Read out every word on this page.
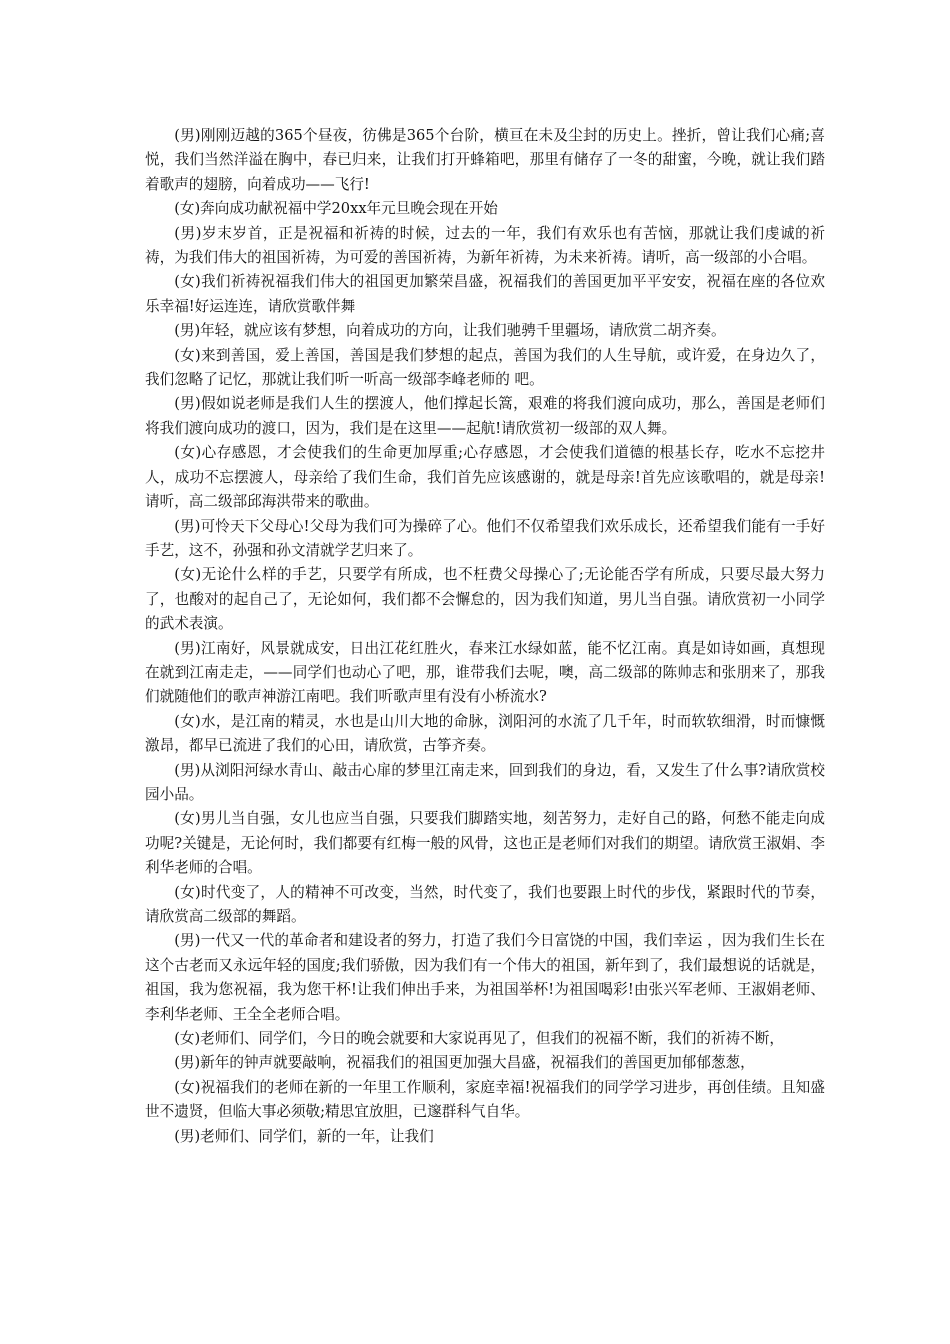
(男)刚刚迈越的365个昼夜，彷佛是365个台阶，横亘在未及尘封的历史上。挫折，曾让我们心痛;喜悦，我们当然洋溢在胸中，春已归来，让我们打开蜂箱吧，那里有储存了一冬的甜蜜，今晚，就让我们踏着歌声的翅膀，向着成功——飞行!

(女)奔向成功献祝福中学20xx年元旦晚会现在开始

(男)岁末岁首，正是祝福和祈祷的时候，过去的一年，我们有欢乐也有苦恼，那就让我们虔诚的祈祷，为我们伟大的祖国祈祷，为可爱的善国祈祷，为新年祈祷，为未来祈祷。请听，高一级部的小合唱。

(女)我们祈祷祝福我们伟大的祖国更加繁荣昌盛，祝福我们的善国更加平平安安，祝福在座的各位欢乐幸福!好运连连，请欣赏歌伴舞

(男)年轻，就应该有梦想，向着成功的方向，让我们驰骋千里疆场，请欣赏二胡齐奏。

(女)来到善国，爱上善国，善国是我们梦想的起点，善国为我们的人生导航，或许爱，在身边久了，我们忽略了记忆，那就让我们听一听高一级部李峰老师的 吧。

(男)假如说老师是我们人生的摆渡人，他们撑起长篙，艰难的将我们渡向成功，那么，善国是老师们将我们渡向成功的渡口，因为，我们是在这里——起航!请欣赏初一级部的双人舞。

(女)心存感恩，才会使我们的生命更加厚重;心存感恩，才会使我们道德的根基长存，吃水不忘挖井人，成功不忘摆渡人，母亲给了我们生命，我们首先应该感谢的，就是母亲!首先应该歌唱的，就是母亲!请听，高二级部邱海洪带来的歌曲。

(男)可怜天下父母心!父母为我们可为操碎了心。他们不仅希望我们欢乐成长，还希望我们能有一手好手艺，这不，孙强和孙文清就学艺归来了。

(女)无论什么样的手艺，只要学有所成，也不枉费父母操心了;无论能否学有所成，只要尽最大努力了，也酸对的起自己了，无论如何，我们都不会懈怠的，因为我们知道，男儿当自强。请欣赏初一小同学的武术表演。

(男)江南好，风景就成安，日出江花红胜火，春来江水绿如蓝，能不忆江南。真是如诗如画，真想现在就到江南走走，——同学们也动心了吧，那，谁带我们去呢，噢，高二级部的陈帅志和张朋来了，那我们就随他们的歌声神游江南吧。我们听歌声里有没有小桥流水?

(女)水，是江南的精灵，水也是山川大地的命脉，浏阳河的水流了几千年，时而软软细滑，时而慷慨激昂，都早已流进了我们的心田，请欣赏，古筝齐奏。

(男)从浏阳河绿水青山、敲击心扉的梦里江南走来，回到我们的身边，看，又发生了什么事?请欣赏校园小品。

(女)男儿当自强，女儿也应当自强，只要我们脚踏实地，刻苦努力，走好自己的路，何愁不能走向成功呢?关键是，无论何时，我们都要有红梅一般的风骨，这也正是老师们对我们的期望。请欣赏王淑娟、李利华老师的合唱。

(女)时代变了，人的精神不可改变，当然，时代变了，我们也要跟上时代的步伐，紧跟时代的节奏，请欣赏高二级部的舞蹈。

(男)一代又一代的革命者和建设者的努力，打造了我们今日富饶的中国，我们幸运 ，因为我们生长在这个古老而又永远年轻的国度;我们骄傲，因为我们有一个伟大的祖国，新年到了，我们最想说的话就是，祖国，我为您祝福，我为您干杯!让我们伸出手来，为祖国举杯!为祖国喝彩!由张兴军老师、王淑娟老师、李利华老师、王全全老师合唱。

(女)老师们、同学们，今日的晚会就要和大家说再见了，但我们的祝福不断，我们的祈祷不断，

(男)新年的钟声就要敲响，祝福我们的祖国更加强大昌盛，祝福我们的善国更加郁郁葱葱，

(女)祝福我们的老师在新的一年里工作顺利，家庭幸福!祝福我们的同学学习进步，再创佳绩。且知盛世不遗贤，但临大事必须敬;精思宜放胆，已邃群科气自华。

(男)老师们、同学们，新的一年，让我们
